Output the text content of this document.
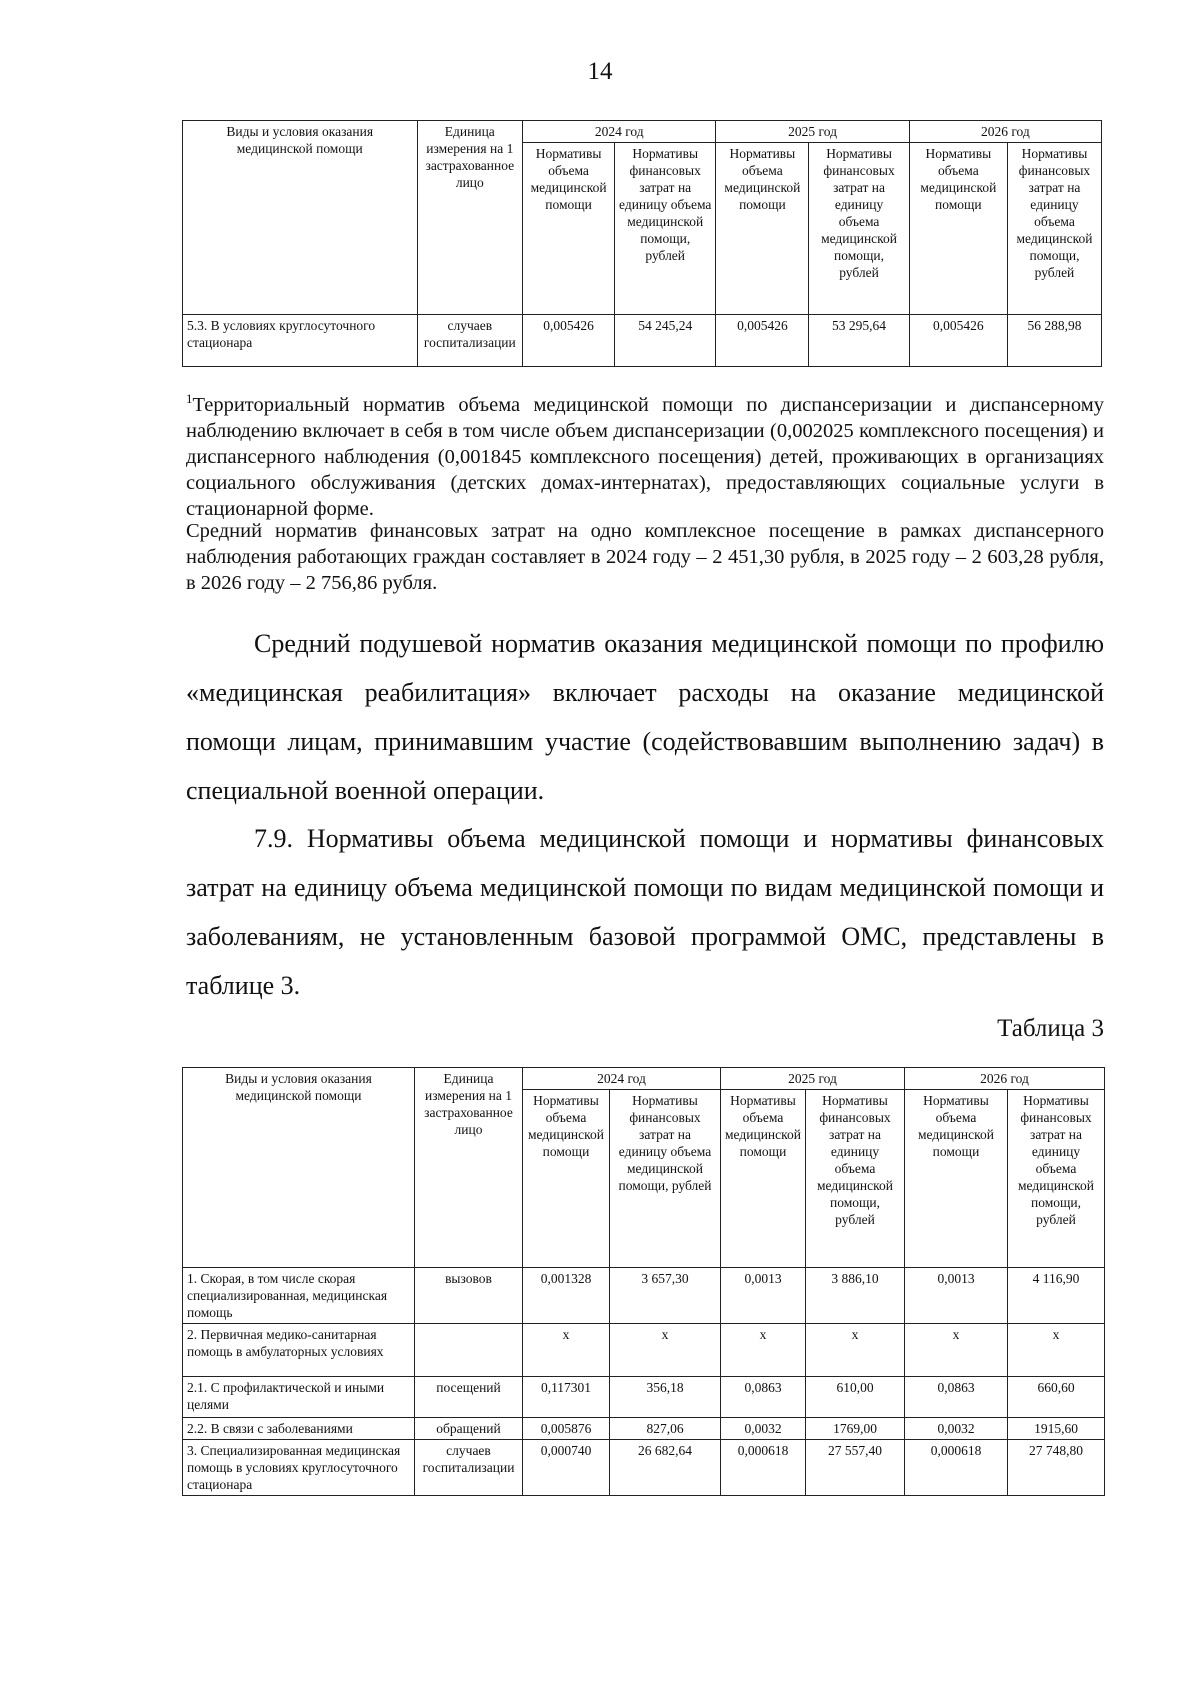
14
Виды и условия оказания медицинской помощи	Единица измерения на 1 застрахованное лицо	2024 год		2025 год		2026 год	
		Нормативы объема медицинской помощи	Нормативы финансовых затрат на единицу объема медицинской помощи, рублей	Нормативы объема медицинской помощи	Нормативы финансовых затрат на единицу объема медицинской помощи, рублей	Нормативы объема медицинской помощи	Нормативы финансовых затрат на единицу объема медицинской помощи, рублей
5.3. В условиях круглосуточного стационара	случаев госпитализации	0,005426	54 245,24	0,005426	53 295,64	0,005426	56 288,98
$^1$Территориальный норматив объема медицинской помощи по диспансеризации и диспансерному наблюдению включает в себя в том числе объем диспансеризации (0,002025 комплексного посещения) и диспансерного наблюдения (0,001845 комплексного посещения) детей, проживающих в организациях социального обслуживания (детских домах-интернатах), предоставляющих социальные услуги в стационарной форме.
Средний норматив финансовых затрат на одно комплексное посещение в рамках диспансерного наблюдения работающих граждан составляет в 2024 году – 2 451,30 рубля, в 2025 году – 2 603,28 рубля, в 2026 году – 2 756,86 рубля.

Средний подушевой норматив оказания медицинской помощи по профилю «медицинская реабилитация» включает расходы на оказание медицинской помощи лицам, принимавшим участие (содействовавшим выполнению задач) в специальной военной операции.

7.9. Нормативы объема медицинской помощи и нормативы финансовых затрат на единицу объема медицинской помощи по видам медицинской помощи и заболеваниям, не установленным базовой программой ОМС, представлены в таблице 3.

Таблица 3
Виды и условия оказания медицинской помощи	Единица измерения на 1 застрахованное лицо	2024 год		2025 год		2026 год	
		Нормативы объема медицинской помощи	Нормативы финансовых затрат на единицу объема медицинской помощи, рублей	Нормативы объема медицинской помощи	Нормативы финансовых затрат на единицу объема медицинской помощи, рублей	Нормативы объема медицинской помощи	Нормативы финансовых затрат на единицу объема медицинской помощи, рублей
1. Скорая, в том числе скорая специализированная, медицинская помощь	вызовов	0,001328	3 657,30	0,0013	3 886,10	0,0013	4 116,90
2. Первичная медико-санитарная помощь в амбулаторных условиях		x	x	x	x	x	x
2.1. С профилактической и иными целями	посещений	0,117301	356,18	0,0863	610,00	0,0863	660,60
2.2. В связи с заболеваниями	обращений	0,005876	827,06	0,0032	1769,00	0,0032	1915,60
3. Специализированная медицинская помощь в условиях круглосуточного стационара	случаев госпитализации	0,000740	26 682,64	0,000618	27 557,40	0,000618	27 748,80
